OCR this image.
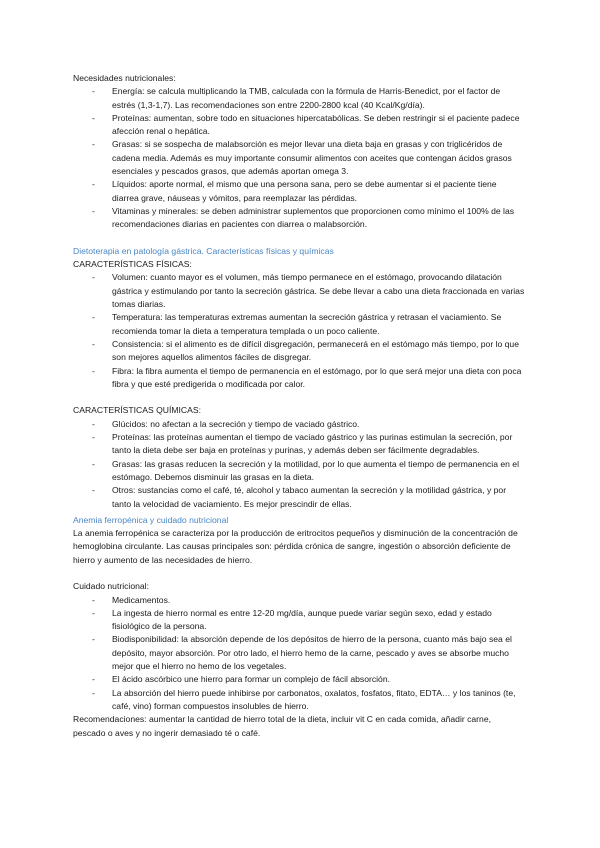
Necesidades nutricionales:

- Energía: se calcula multiplicando la TMB, calculada con la fórmula de Harris-Benedict, por el factor de estrés (1,3-1,7). Las recomendaciones son entre 2200-2800 kcal (40 Kcal/Kg/día).
- Proteínas: aumentan, sobre todo en situaciones hipercatabólicas. Se deben restringir si el paciente padece afección renal o hepática.
- Grasas: si se sospecha de malabsorción es mejor llevar una dieta baja en grasas y con triglicéridos de cadena media. Además es muy importante consumir alimentos con aceites que contengan ácidos grasos esenciales y pescados grasos, que además aportan omega 3.
- Líquidos: aporte normal, el mismo que una persona sana, pero se debe aumentar si el paciente tiene diarrea grave, náuseas y vómitos, para reemplazar las pérdidas.
- Vitaminas y minerales: se deben administrar suplementos que proporcionen como mínimo el 100% de las recomendaciones diarias en pacientes con diarrea o malabsorción.

Dietoterapia en patología gástrica. Características físicas y químicas

CARACTERÍSTICAS FÍSICAS:

- Volumen: cuanto mayor es el volumen, más tiempo permanece en el estómago, provocando dilatación gástrica y estimulando por tanto la secreción gástrica. Se debe llevar a cabo una dieta fraccionada en varias tomas diarias.
- Temperatura: las temperaturas extremas aumentan la secreción gástrica y retrasan el vaciamiento. Se recomienda tomar la dieta a temperatura templada o un poco caliente.
- Consistencia: si el alimento es de difícil disgregación, permanecerá en el estómago más tiempo, por lo que son mejores aquellos alimentos fáciles de disgregar.
- Fibra: la fibra aumenta el tiempo de permanencia en el estómago, por lo que será mejor una dieta con poca fibra y que esté predigerida o modificada por calor.

CARACTERÍSTICAS QUÍMICAS:

- Glúcidos: no afectan a la secreción y tiempo de vaciado gástrico.
- Proteínas: las proteínas aumentan el tiempo de vaciado gástrico y las purinas estimulan la secreción, por tanto la dieta debe ser baja en proteínas y purinas, y además deben ser fácilmente degradables.
- Grasas: las grasas reducen la secreción y la motilidad, por lo que aumenta el tiempo de permanencia en el estómago. Debemos disminuir las grasas en la dieta.
- Otros: sustancias como el café, té, alcohol y tabaco aumentan la secreción y la motilidad gástrica, y por tanto la velocidad de vaciamiento. Es mejor prescindir de ellas.

Anemia ferropénica y cuidado nutricional

La anemia ferropénica se caracteriza por la producción de eritrocitos pequeños y disminución de la concentración de hemoglobina circulante. Las causas principales son: pérdida crónica de sangre, ingestión o absorción deficiente de hierro y aumento de las necesidades de hierro.

Cuidado nutricional:

- Medicamentos.
- La ingesta de hierro normal es entre 12-20 mg/día, aunque puede variar según sexo, edad y estado fisiológico de la persona.
- Biodisponibilidad: la absorción depende de los depósitos de hierro de la persona, cuanto más bajo sea el depósito, mayor absorción. Por otro lado, el hierro hemo de la carne, pescado y aves se absorbe mucho mejor que el hierro no hemo de los vegetales.
- El ácido ascórbico une hierro para formar un complejo de fácil absorción.
- La absorción del hierro puede inhibirse por carbonatos, oxalatos, fosfatos, fitato, EDTA… y los taninos (te, café, vino) forman compuestos insolubles de hierro.

Recomendaciones: aumentar la cantidad de hierro total de la dieta, incluir vit C en cada comida, añadir carne, pescado o aves y no ingerir demasiado té o café.
